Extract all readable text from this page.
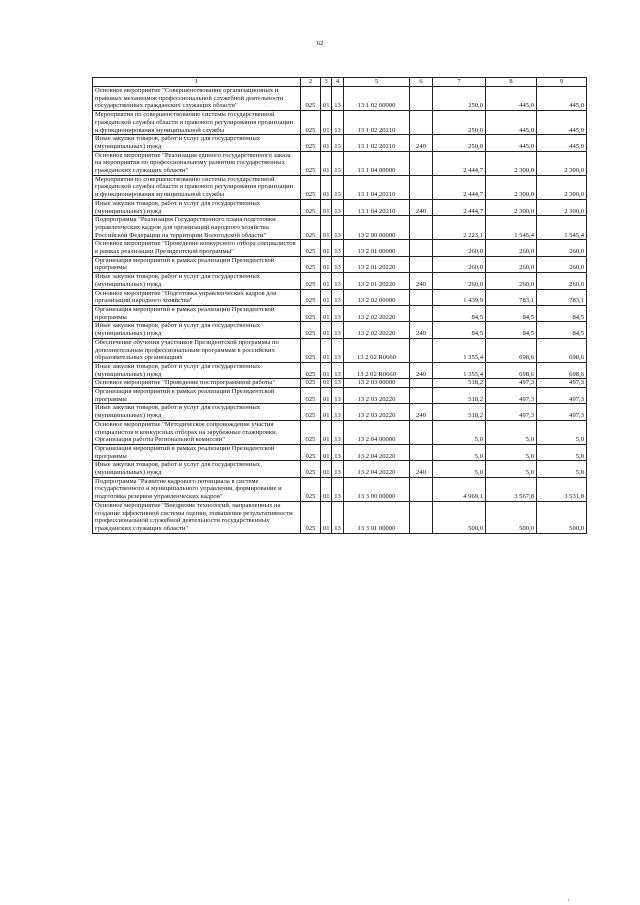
62
1	2	3	4	5	6	7	8	9
Основное мероприятие "Совершенствование организационных и правовых механизмов профессиональной служебной деятельности государственных гражданских служащих области"	025	01	13	13 1 02 00000		250,0	445,0	445,0
Мероприятия по совершенствованию системы государственной гражданской службы области и правового регулирования организации и функционирования муниципальной службы	025	01	13	13 1 02 20210		250,0	445,0	445,0
Иные закупки товаров, работ и услуг для государственных (муниципальных) нужд	025	01	13	13 1 02 20210	240	250,0	445,0	445,0
Основное мероприятие "Реализация единого государственного заказа на мероприятия по профессиональному развитию государственных гражданских служащих области"	025	01	13	13 1 04 00000		2 444,7	2 300,0	2 300,0
Мероприятия по совершенствованию системы государственной гражданской службы области и правового регулирования организации и функционирования муниципальной службы	025	01	13	13 1 04 20210		2 444,7	2 300,0	2 300,0
Иные закупки товаров, работ и услуг для государственных (муниципальных) нужд	025	01	13	13 1 04 20210	240	2 444,7	2 300,0	2 300,0
Подпрограмма "Реализация Государственного плана подготовки управленческих кадров для организаций народного хозяйства Российской Федерации на территории Вологодской области"	025	01	13	13 2 00 00000		2 223,1	1 545,4	1 545,4
Основное мероприятие "Проведение конкурсного отбора специалистов в рамках реализации Президентской программы"	025	01	13	13 2 01 00000		260,0	260,0	260,0
Организация мероприятий в рамках реализации Президентской программы	025	01	13	13 2 01 20220		260,0	260,0	260,0
Иные закупки товаров, работ и услуг для государственных (муниципальных) нужд	025	01	13	13 2 01 20220	240	260,0	260,0	260,0
Основное мероприятие "Подготовка управленческих кадров для организаций народного хозяйства"	025	01	13	13 2 02 00000		1 439,9	783,1	783,1
Организация мероприятий в рамках реализации Президентской программы	025	01	13	13 2 02 20220		84,5	84,5	84,5
Иные закупки товаров, работ и услуг для государственных (муниципальных) нужд	025	01	13	13 2 02 20220	240	84,5	84,5	84,5
Обеспечение обучения участников Президентской программы по дополнительным профессиональным программам в российских образовательных организациях	025	01	13	13 2 02 R0660		1 355,4	698,6	698,6
Иные закупки товаров, работ и услуг для государственных (муниципальных) нужд	025	01	13	13 2 02 R0660	240	1 355,4	698,6	698,6
Основное мероприятие "Проведение постпрограммной работы"	025	01	13	13 2 03 00000		518,2	497,3	497,3
Организация мероприятий в рамках реализации Президентской программы	025	01	13	13 2 03 20220		518,2	497,3	497,3
Иные закупки товаров, работ и услуг для государственных (муниципальных) нужд	025	01	13	13 2 03 20220	240	518,2	497,3	497,3
Основное мероприятие "Методическое сопровождение участия специалистов в конкурсных отборах на зарубежные стажировки. Организация работы Региональной комиссии"	025	01	13	13 2 04 00000		5,0	5,0	5,0
Организация мероприятий в рамках реализации Президентской программы	025	01	13	13 2 04 20220		5,0	5,0	5,0
Иные закупки товаров, работ и услуг для государственных (муниципальных) нужд	025	01	13	13 2 04 20220	240	5,0	5,0	5,0
Подпрограмма "Развитие кадрового потенциала в системе государственного и муниципального управления, формирование и подготовка резервов управленческих кадров"	025	01	13	13 3 00 00000		4 969,1	3 567,8	3 531,8
Основное мероприятие "Внедрение технологий, направленных на создание эффективной системы оценки, повышение результативности профессиональной служебной деятельности государственных гражданских служащих области"	025	01	13	13 3 01 00000		500,0	500,0	500,0
ı
